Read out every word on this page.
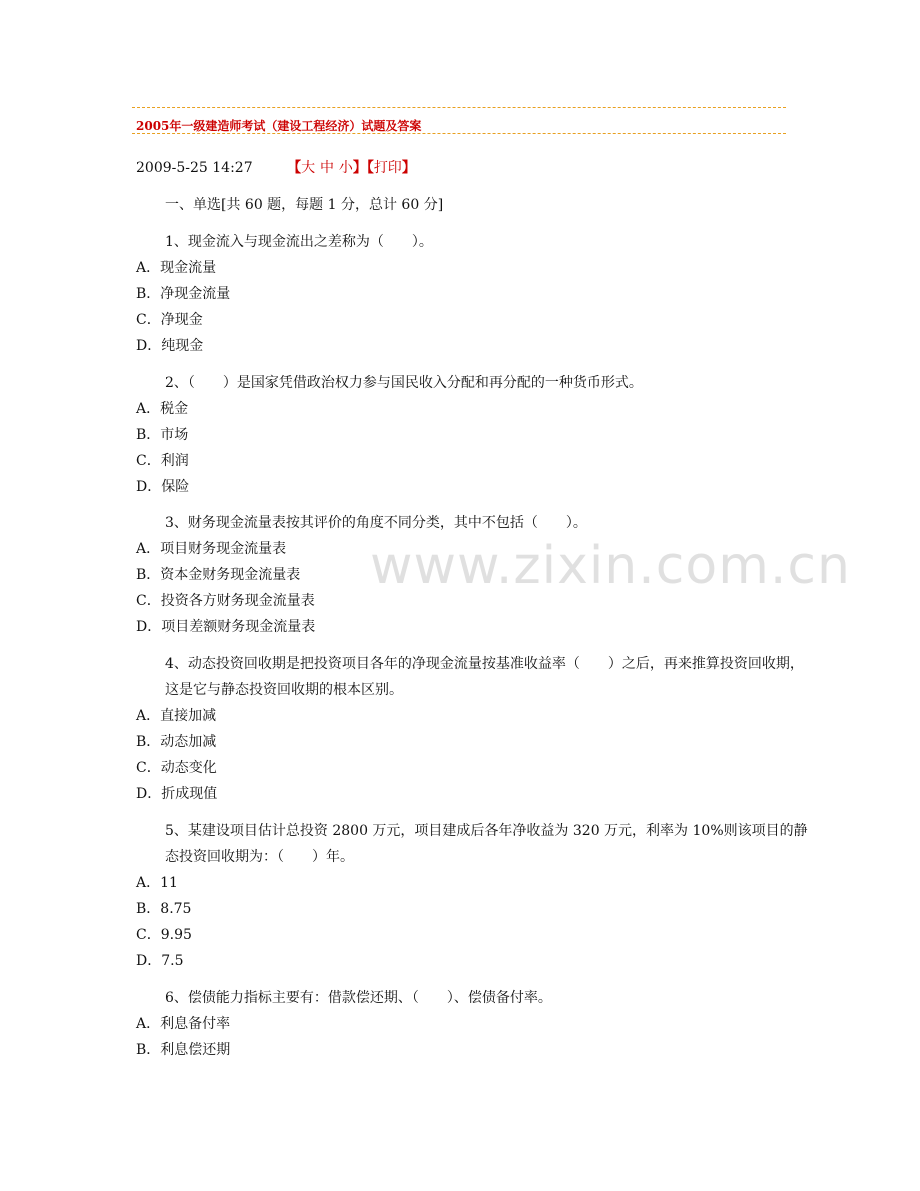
2005年一级建造师考试（建设工程经济）试题及答案
2009-5-25 14:27 【大 中 小】【打印】
一、单选[共 60 题，每题 1 分，总计 60 分]
1、现金流入与现金流出之差称为（　　）。
A．现金流量
B．净现金流量
C．净现金
D．纯现金
2、（　　）是国家凭借政治权力参与国民收入分配和再分配的一种货币形式。
A．税金
B．市场
C．利润
D．保险
3、财务现金流量表按其评价的角度不同分类，其中不包括（　　）。
A．项目财务现金流量表
B．资本金财务现金流量表
C．投资各方财务现金流量表
D．项目差额财务现金流量表
4、动态投资回收期是把投资项目各年的净现金流量按基准收益率（　　）之后，再来推算投资回收期，这是它与静态投资回收期的根本区别。
A．直接加减
B．动态加减
C．动态变化
D．折成现值
5、某建设项目估计总投资 2800 万元，项目建成后各年净收益为 320 万元，利率为 10%则该项目的静态投资回收期为：（　　）年。
A．11
B．8.75
C．9.95
D．7.5
6、偿债能力指标主要有：借款偿还期、（　　）、偿债备付率。
A．利息备付率
B．利息偿还期
www.zixin.com.cn
